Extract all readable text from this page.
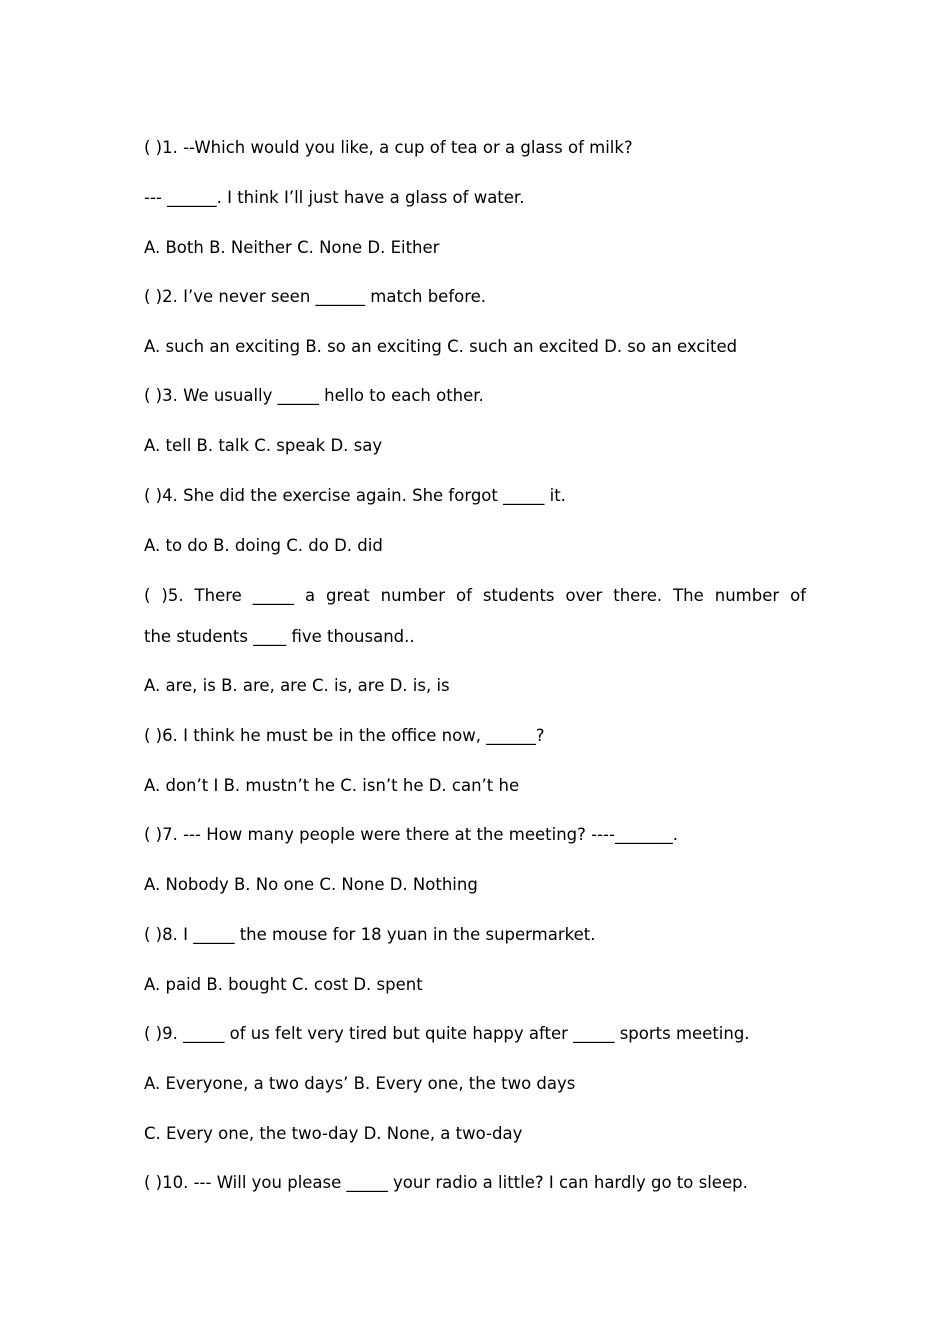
( )1. --Which would you like, a cup of tea or a glass of milk?
--- ______. I think I’ll just have a glass of water.
A. Both B. Neither C. None D. Either
( )2. I’ve never seen ______ match before.
A. such an exciting B. so an exciting C. such an excited D. so an excited
( )3. We usually _____ hello to each other.
A. tell B. talk C. speak D. say
( )4. She did the exercise again. She forgot _____ it.
A. to do B. doing C. do D. did
( )5. There _____ a great number of students over there. The number of
the students ____ five thousand..
A. are, is B. are, are C. is, are D. is, is
( )6. I think he must be in the office now, ______?
A. don’t I B. mustn’t he C. isn’t he D. can’t he
( )7. --- How many people were there at the meeting? ----_______.
A. Nobody B. No one C. None D. Nothing
( )8. I _____ the mouse for 18 yuan in the supermarket.
A. paid B. bought C. cost D. spent
( )9. _____ of us felt very tired but quite happy after _____ sports meeting.
A. Everyone, a two days’ B. Every one, the two days
C. Every one, the two-day D. None, a two-day
( )10. --- Will you please _____ your radio a little? I can hardly go to sleep.
